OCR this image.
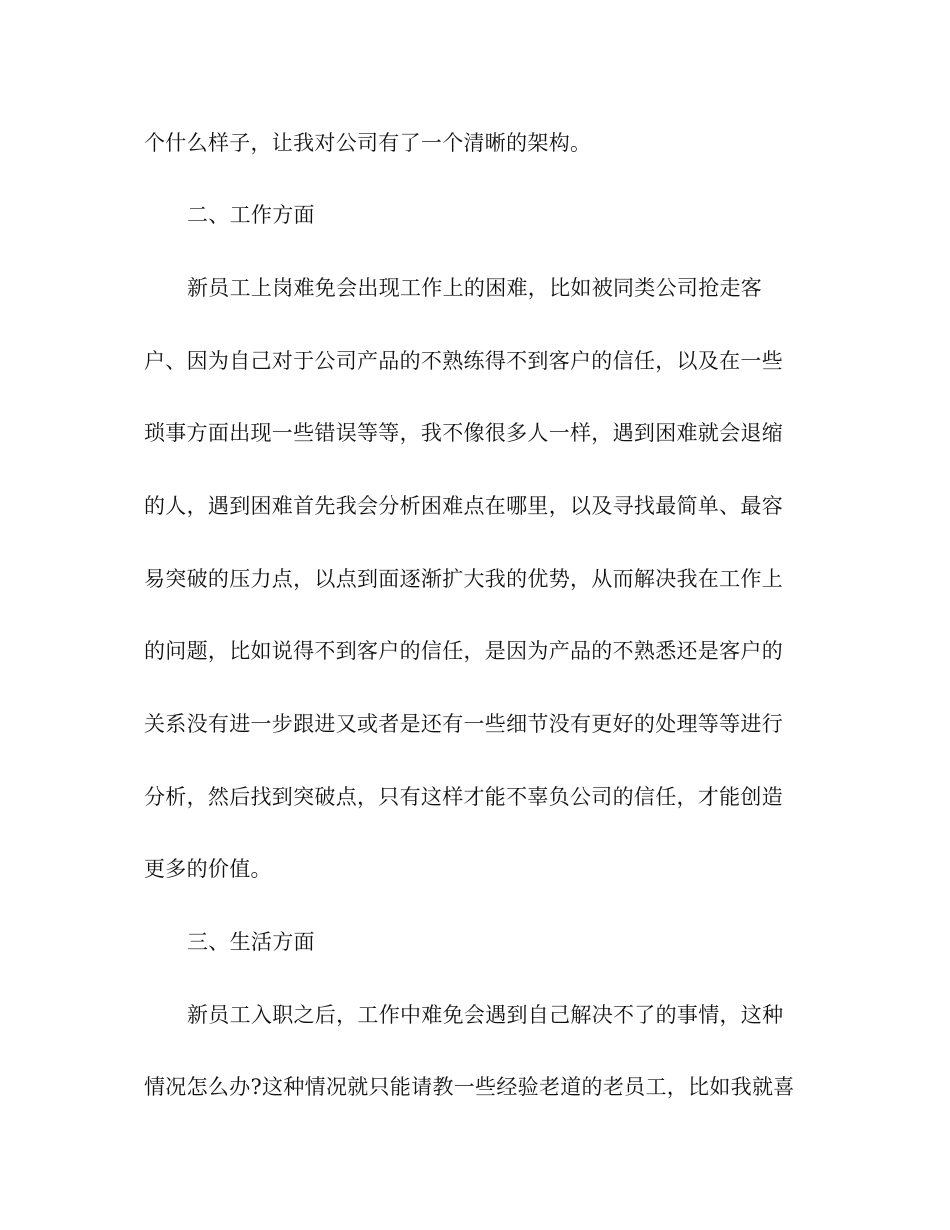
个什么样子，让我对公司有了一个清晰的架构。
二、工作方面
新员工上岗难免会出现工作上的困难，比如被同类公司抢走客
户、因为自己对于公司产品的不熟练得不到客户的信任，以及在一些
琐事方面出现一些错误等等，我不像很多人一样，遇到困难就会退缩
的人，遇到困难首先我会分析困难点在哪里，以及寻找最简单、最容
易突破的压力点，以点到面逐渐扩大我的优势，从而解决我在工作上
的问题，比如说得不到客户的信任，是因为产品的不熟悉还是客户的
关系没有进一步跟进又或者是还有一些细节没有更好的处理等等进行
分析，然后找到突破点，只有这样才能不辜负公司的信任，才能创造
更多的价值。
三、生活方面
新员工入职之后，工作中难免会遇到自己解决不了的事情，这种
情况怎么办?这种情况就只能请教一些经验老道的老员工，比如我就喜
